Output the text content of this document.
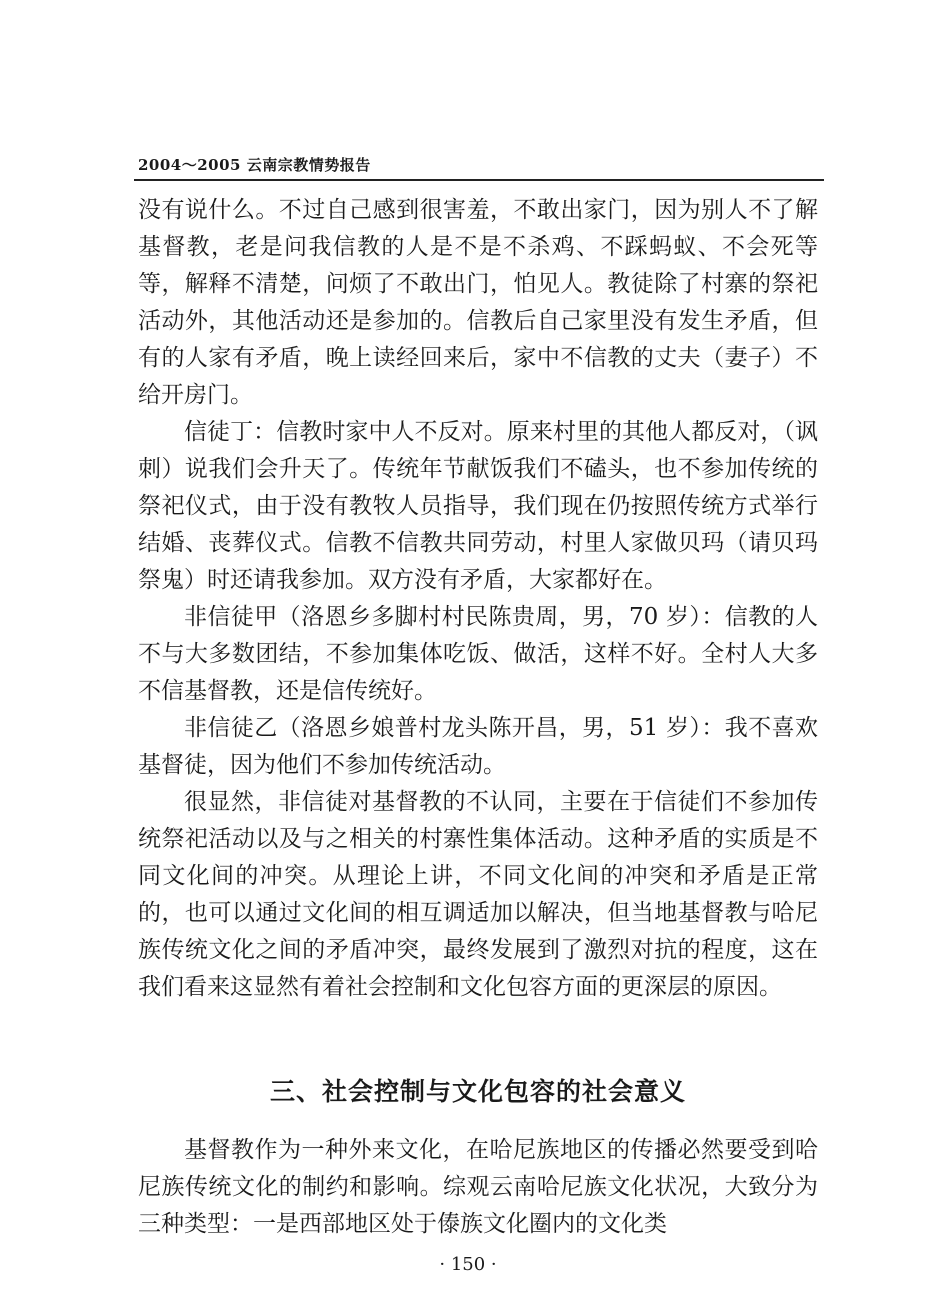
2004～2005 云南宗教情势报告

没有说什么。不过自己感到很害羞，不敢出家门，因为别人不了解基督教，老是问我信教的人是不是不杀鸡、不踩蚂蚁、不会死等等，解释不清楚，问烦了不敢出门，怕见人。教徒除了村寨的祭祀活动外，其他活动还是参加的。信教后自己家里没有发生矛盾，但有的人家有矛盾，晚上读经回来后，家中不信教的丈夫（妻子）不给开房门。

信徒丁：信教时家中人不反对。原来村里的其他人都反对，（讽刺）说我们会升天了。传统年节献饭我们不磕头，也不参加传统的祭祀仪式，由于没有教牧人员指导，我们现在仍按照传统方式举行结婚、丧葬仪式。信教不信教共同劳动，村里人家做贝玛（请贝玛祭鬼）时还请我参加。双方没有矛盾，大家都好在。

非信徒甲（洛恩乡多脚村村民陈贵周，男，70 岁）：信教的人不与大多数团结，不参加集体吃饭、做活，这样不好。全村人大多不信基督教，还是信传统好。

非信徒乙（洛恩乡娘普村龙头陈开昌，男，51 岁）：我不喜欢基督徒，因为他们不参加传统活动。

很显然，非信徒对基督教的不认同，主要在于信徒们不参加传统祭祀活动以及与之相关的村寨性集体活动。这种矛盾的实质是不同文化间的冲突。从理论上讲，不同文化间的冲突和矛盾是正常的，也可以通过文化间的相互调适加以解决，但当地基督教与哈尼族传统文化之间的矛盾冲突，最终发展到了激烈对抗的程度，这在我们看来这显然有着社会控制和文化包容方面的更深层的原因。

三、社会控制与文化包容的社会意义

基督教作为一种外来文化，在哈尼族地区的传播必然要受到哈尼族传统文化的制约和影响。综观云南哈尼族文化状况，大致分为三种类型：一是西部地区处于傣族文化圈内的文化类

· 150 ·
